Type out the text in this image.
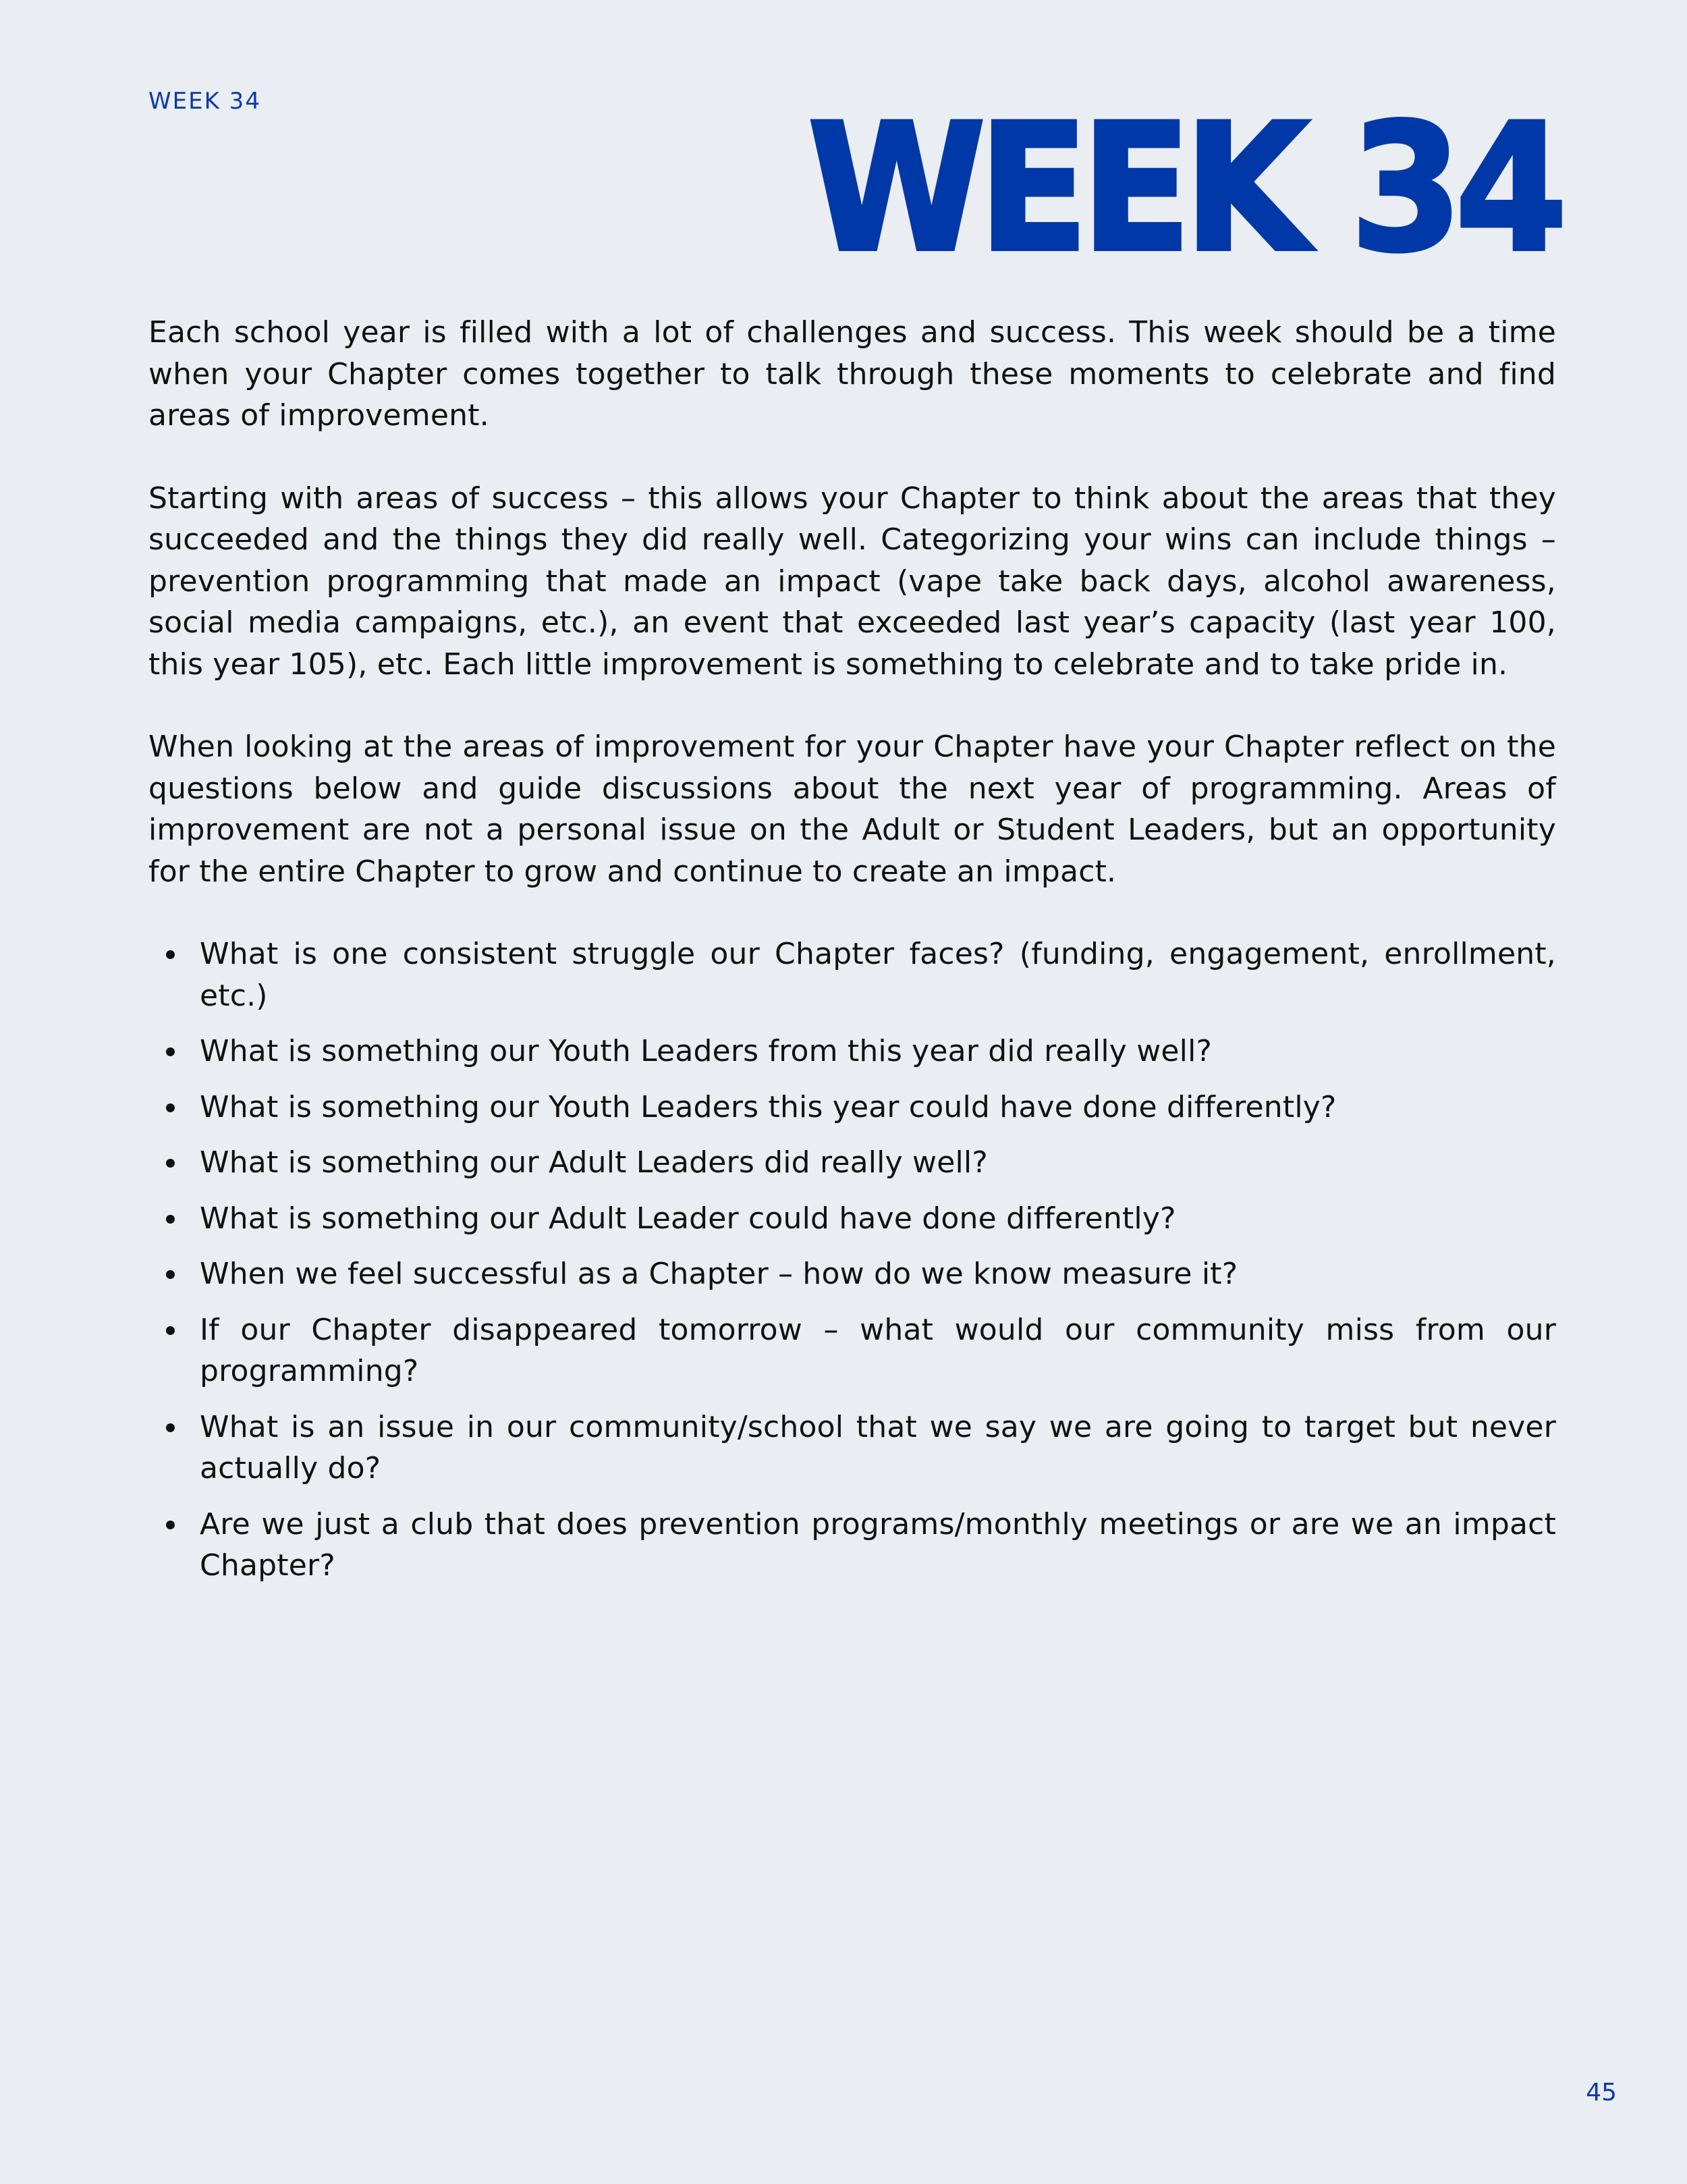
WEEK 34	WEEK 34

Each school year is filled with a lot of challenges and success. This week should be a time when your Chapter comes together to talk through these moments to celebrate and find areas of improvement.

Starting with areas of success – this allows your Chapter to think about the areas that they succeeded and the things they did really well. Categorizing your wins can include things – prevention programming that made an impact (vape take back days, alcohol awareness, social media campaigns, etc.), an event that exceeded last year’s capacity (last year 100, this year 105), etc. Each little improvement is something to celebrate and to take pride in.

When looking at the areas of improvement for your Chapter have your Chapter reflect on the questions below and guide discussions about the next year of programming. Areas of improvement are not a personal issue on the Adult or Student Leaders, but an opportunity for the entire Chapter to grow and continue to create an impact.

What is one consistent struggle our Chapter faces? (funding, engagement, enrollment, etc.)
What is something our Youth Leaders from this year did really well?
What is something our Youth Leaders this year could have done differently?
What is something our Adult Leaders did really well?
What is something our Adult Leader could have done differently?
When we feel successful as a Chapter – how do we know measure it?
If our Chapter disappeared tomorrow – what would our community miss from our programming?
What is an issue in our community/school that we say we are going to target but never actually do?
Are we just a club that does prevention programs/monthly meetings or are we an impact Chapter?
45
